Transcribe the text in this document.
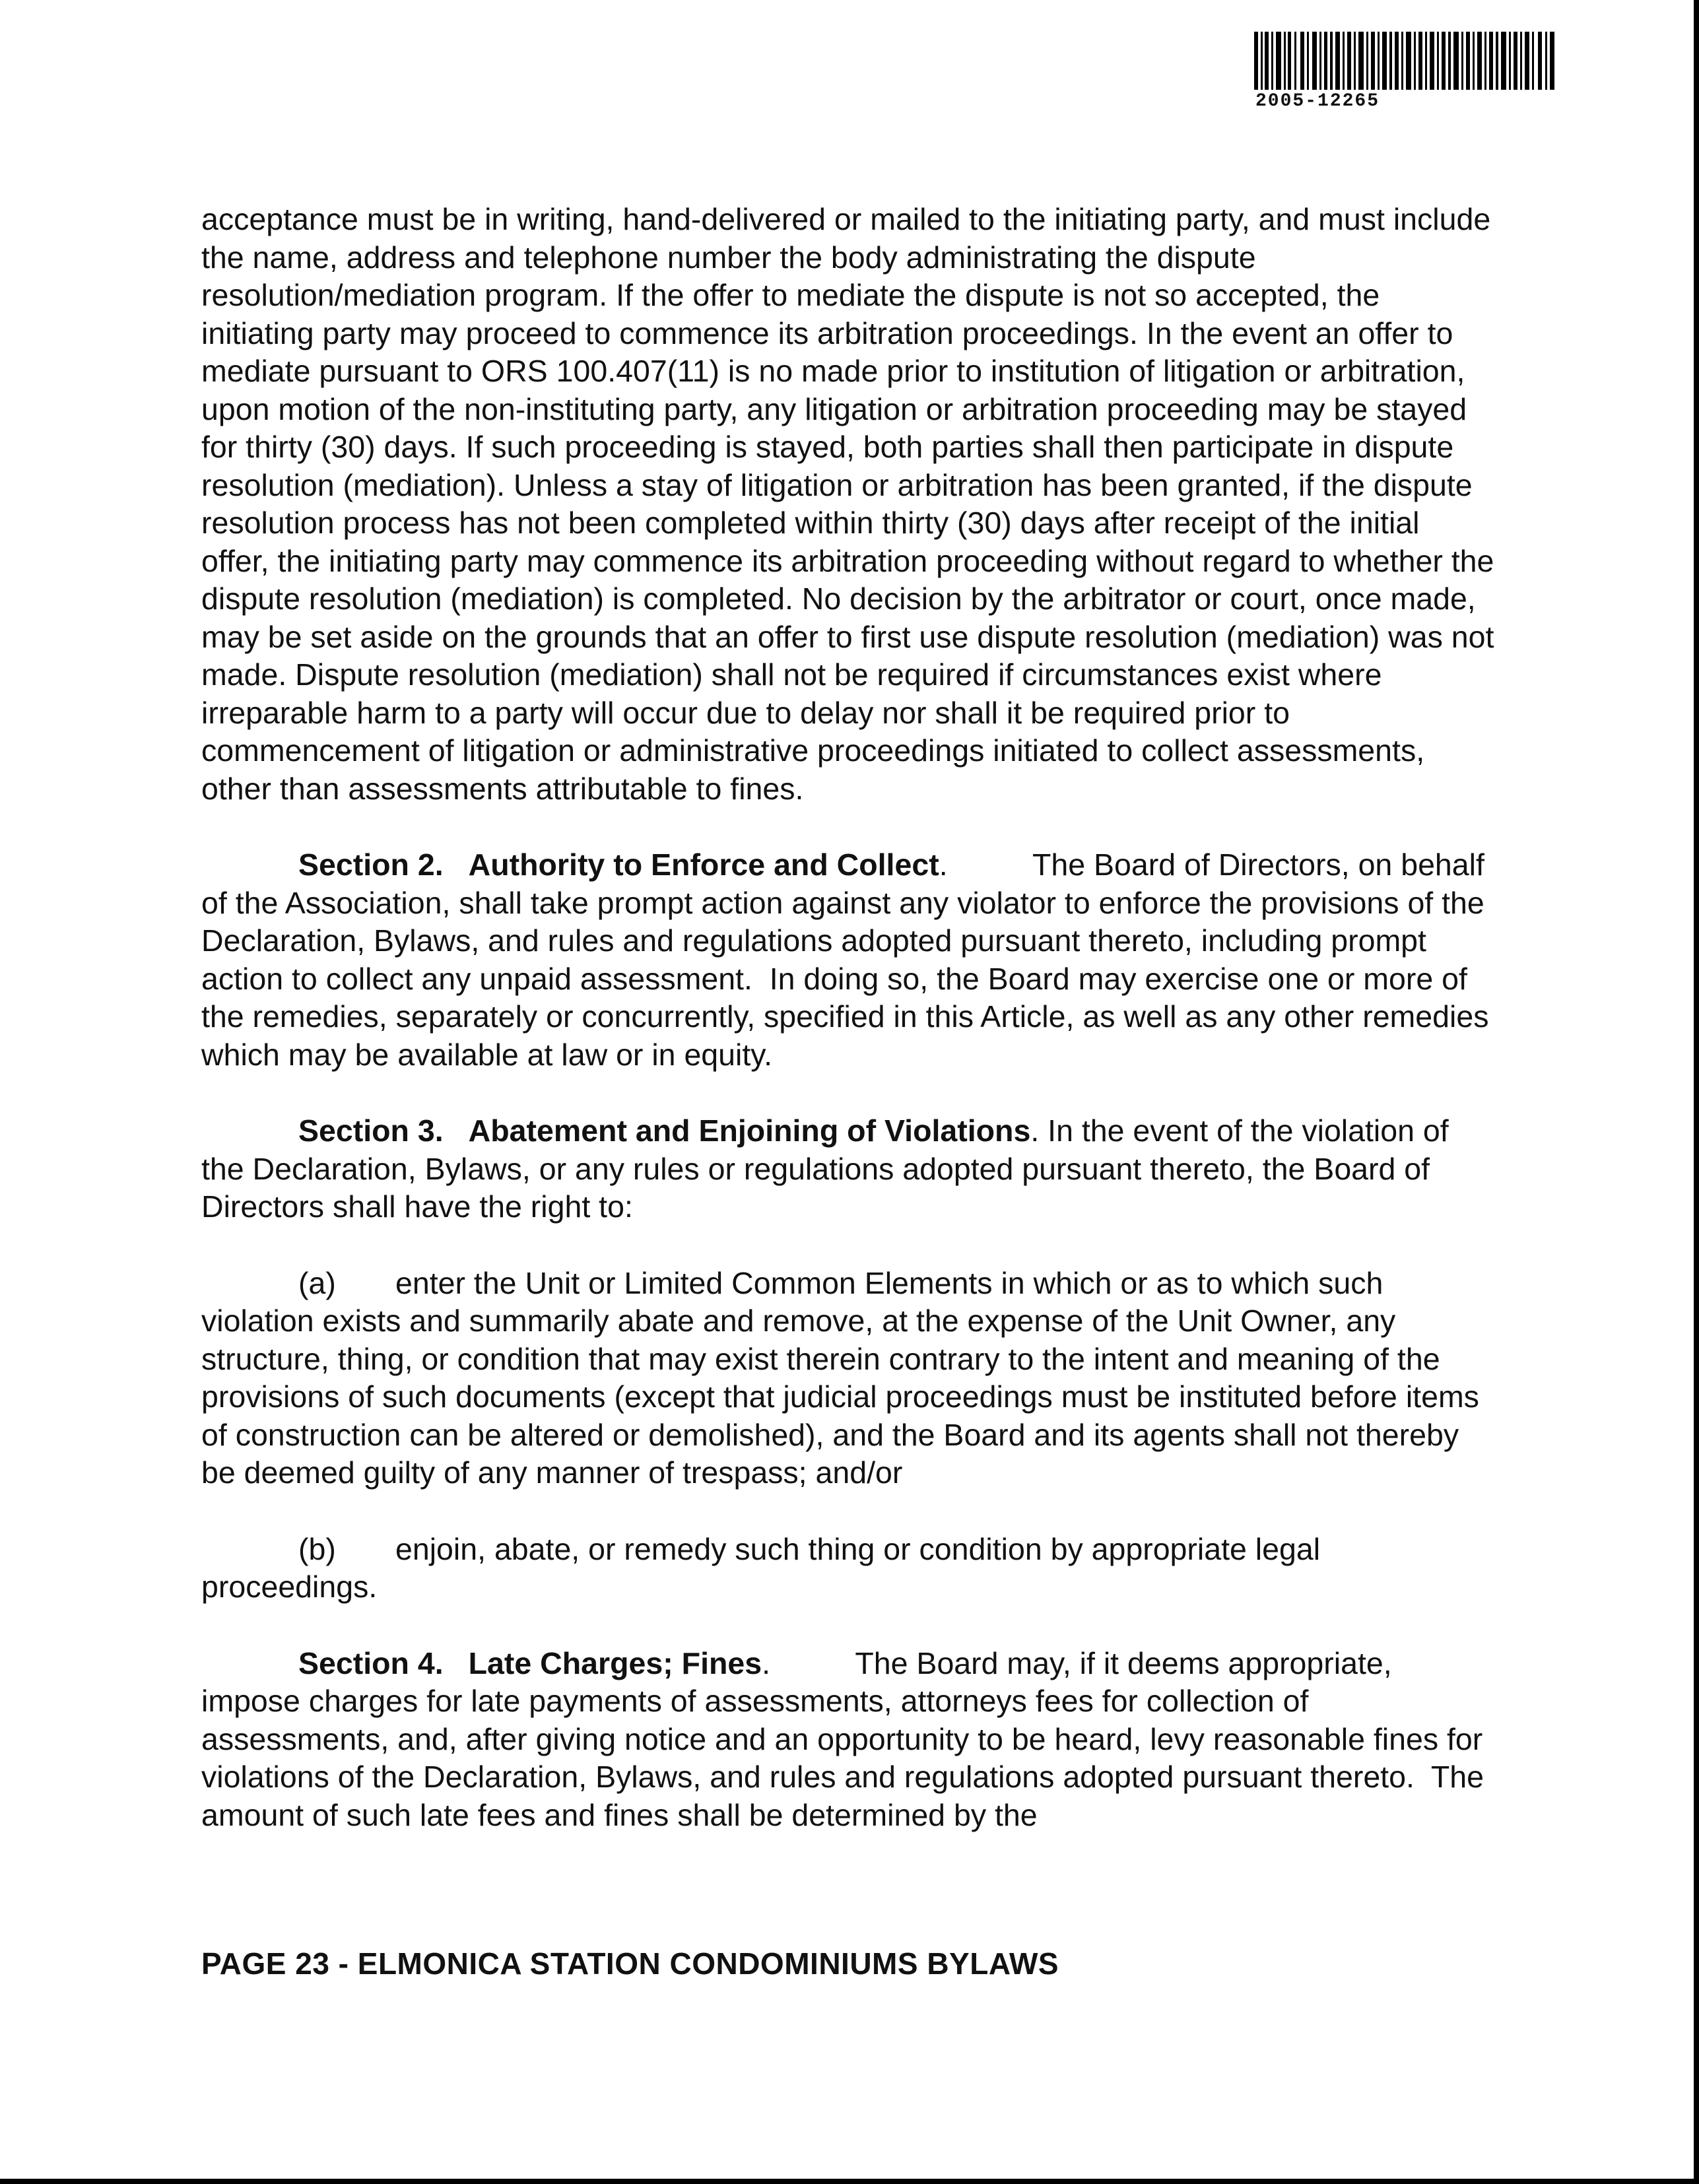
2005-12265

acceptance must be in writing, hand-delivered or mailed to the initiating party, and must include the name, address and telephone number the body administrating the dispute resolution/mediation program. If the offer to mediate the dispute is not so accepted, the initiating party may proceed to commence its arbitration proceedings. In the event an offer to mediate pursuant to ORS 100.407(11) is no made prior to institution of litigation or arbitration, upon motion of the non-instituting party, any litigation or arbitration proceeding may be stayed for thirty (30) days. If such proceeding is stayed, both parties shall then participate in dispute resolution (mediation). Unless a stay of litigation or arbitration has been granted, if the dispute resolution process has not been completed within thirty (30) days after receipt of the initial offer, the initiating party may commence its arbitration proceeding without regard to whether the dispute resolution (mediation) is completed. No decision by the arbitrator or court, once made, may be set aside on the grounds that an offer to first use dispute resolution (mediation) was not made. Dispute resolution (mediation) shall not be required if circumstances exist where irreparable harm to a party will occur due to delay nor shall it be required prior to commencement of litigation or administrative proceedings initiated to collect assessments, other than assessments attributable to fines.

Section 2. Authority to Enforce and Collect.          The Board of Directors, on behalf of the Association, shall take prompt action against any violator to enforce the provisions of the Declaration, Bylaws, and rules and regulations adopted pursuant thereto, including prompt action to collect any unpaid assessment.  In doing so, the Board may exercise one or more of the remedies, separately or concurrently, specified in this Article, as well as any other remedies which may be available at law or in equity.

Section 3. Abatement and Enjoining of Violations. In the event of the violation of the Declaration, Bylaws, or any rules or regulations adopted pursuant thereto, the Board of Directors shall have the right to:

(a) enter the Unit or Limited Common Elements in which or as to which such violation exists and summarily abate and remove, at the expense of the Unit Owner, any structure, thing, or condition that may exist therein contrary to the intent and meaning of the provisions of such documents (except that judicial proceedings must be instituted before items of construction can be altered or demolished), and the Board and its agents shall not thereby be deemed guilty of any manner of trespass; and/or

(b) enjoin, abate, or remedy such thing or condition by appropriate legal proceedings.

Section 4. Late Charges; Fines.          The Board may, if it deems appropriate, impose charges for late payments of assessments, attorneys fees for collection of assessments, and, after giving notice and an opportunity to be heard, levy reasonable fines for violations of the Declaration, Bylaws, and rules and regulations adopted pursuant thereto.  The amount of such late fees and fines shall be determined by the

PAGE 23 - ELMONICA STATION CONDOMINIUMS BYLAWS
